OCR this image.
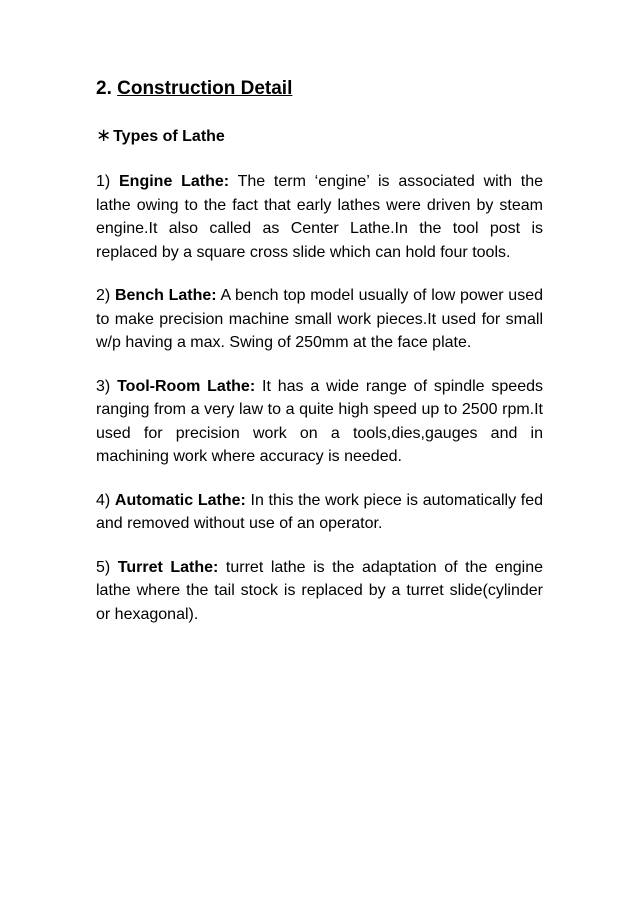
2. Construction Detail
∗ Types of Lathe

1) Engine Lathe: The term ‘engine’ is associated with the lathe owing to the fact that early lathes were driven by steam engine.It also called as Center Lathe.In the tool post is replaced by a square cross slide which can hold four tools.

2) Bench Lathe: A bench top model usually of low power used to make precision machine small work pieces.It used for small w/p having a max. Swing of 250mm at the face plate.

3) Tool-Room Lathe: It has a wide range of spindle speeds ranging from a very law to a quite high speed up to 2500 rpm.It used for precision work on a tools,dies,gauges and in machining work where accuracy is needed.

4) Automatic Lathe: In this the work piece is automatically fed and removed without use of an operator.

5) Turret Lathe: turret lathe is the adaptation of the engine lathe where the tail stock is replaced by a turret slide(cylinder or hexagonal).
